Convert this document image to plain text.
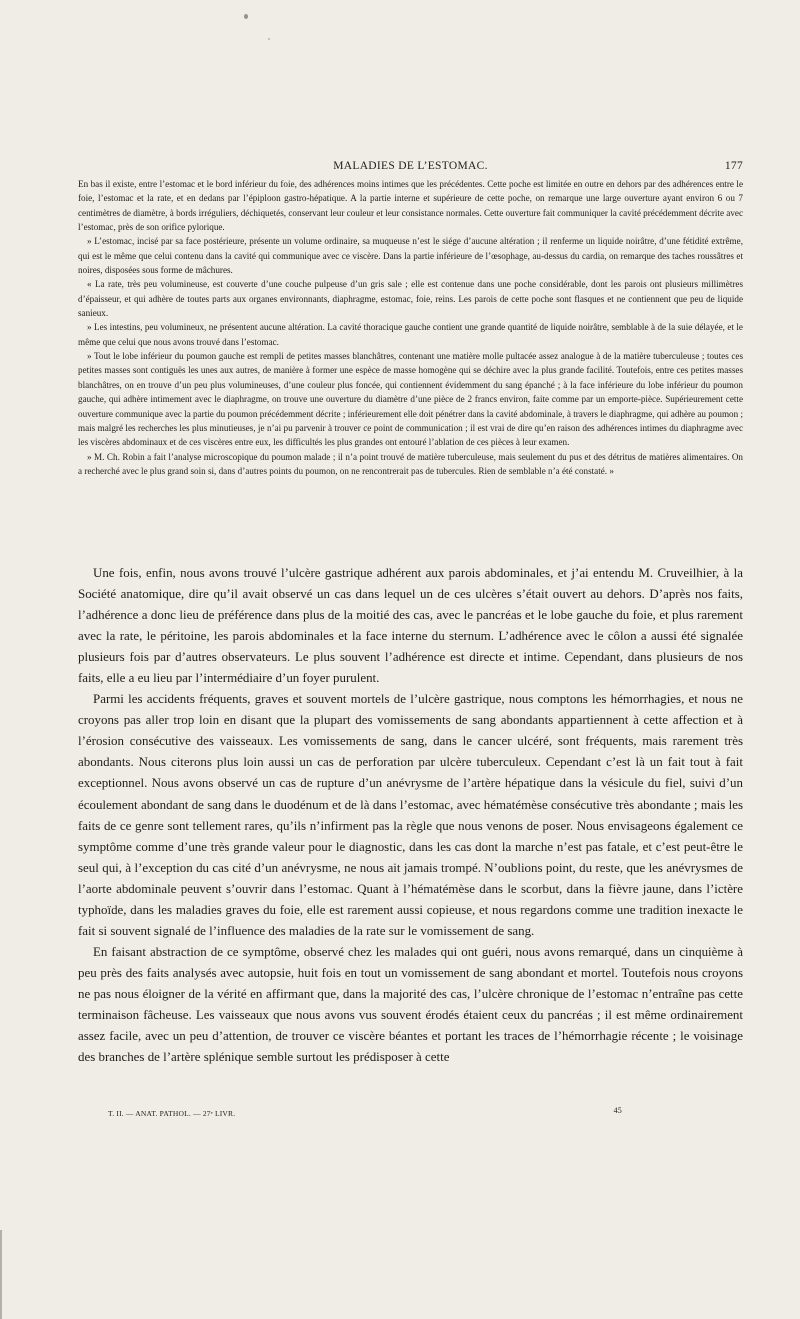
MALADIES DE L’ESTOMAC.	177

En bas il existe, entre l’estomac et le bord inférieur du foie, des adhérences moins intimes que les précédentes. Cette poche est limitée en outre en dehors par des adhérences entre le foie, l’estomac et la rate, et en dedans par l’épiploon gastro-hépatique. A la partie interne et supérieure de cette poche, on remarque une large ouverture ayant environ 6 ou 7 centimètres de diamètre, à bords irréguliers, déchiquetés, conservant leur couleur et leur consistance normales. Cette ouverture fait communiquer la cavité précédemment décrite avec l’estomac, près de son orifice pylorique.

» L’estomac, incisé par sa face postérieure, présente un volume ordinaire, sa muqueuse n’est le siége d’aucune altération ; il renferme un liquide noirâtre, d’une fétidité extrême, qui est le même que celui contenu dans la cavité qui communique avec ce viscère. Dans la partie inférieure de l’œsophage, au-dessus du cardia, on remarque des taches roussâtres et noires, disposées sous forme de mâchures.

« La rate, très peu volumineuse, est couverte d’une couche pulpeuse d’un gris sale ; elle est contenue dans une poche considérable, dont les parois ont plusieurs millimètres d’épaisseur, et qui adhère de toutes parts aux organes environnants, diaphragme, estomac, foie, reins. Les parois de cette poche sont flasques et ne contiennent que peu de liquide sanieux.

» Les intestins, peu volumineux, ne présentent aucune altération. La cavité thoracique gauche contient une grande quantité de liquide noirâtre, semblable à de la suie délayée, et le même que celui que nous avons trouvé dans l’estomac.

» Tout le lobe inférieur du poumon gauche est rempli de petites masses blanchâtres, contenant une matière molle pultacée assez analogue à de la matière tuberculeuse ; toutes ces petites masses sont contiguës les unes aux autres, de manière à former une espèce de masse homogène qui se déchire avec la plus grande facilité. Toutefois, entre ces petites masses blanchâtres, on en trouve d’un peu plus volumineuses, d’une couleur plus foncée, qui contiennent évidemment du sang épanché ; à la face inférieure du lobe inférieur du poumon gauche, qui adhère intimement avec le diaphragme, on trouve une ouverture du diamètre d’une pièce de 2 francs environ, faite comme par un emporte-pièce. Supérieurement cette ouverture communique avec la partie du poumon précédemment décrite ; inférieurement elle doit pénétrer dans la cavité abdominale, à travers le diaphragme, qui adhère au poumon ; mais malgré les recherches les plus minutieuses, je n’ai pu parvenir à trouver ce point de communication ; il est vrai de dire qu’en raison des adhérences intimes du diaphragme avec les viscères abdominaux et de ces viscères entre eux, les difficultés les plus grandes ont entouré l’ablation de ces pièces à leur examen.

» M. Ch. Robin a fait l’analyse microscopique du poumon malade ; il n’a point trouvé de matière tuberculeuse, mais seulement du pus et des détritus de matières alimentaires. On a recherché avec le plus grand soin si, dans d’autres points du poumon, on ne rencontrerait pas de tubercules. Rien de semblable n’a été constaté. »

Une fois, enfin, nous avons trouvé l’ulcère gastrique adhérent aux parois abdominales, et j’ai entendu M. Cruveilhier, à la Société anatomique, dire qu’il avait observé un cas dans lequel un de ces ulcères s’était ouvert au dehors. D’après nos faits, l’adhérence a donc lieu de préférence dans plus de la moitié des cas, avec le pancréas et le lobe gauche du foie, et plus rarement avec la rate, le péritoine, les parois abdominales et la face interne du sternum. L’adhérence avec le côlon a aussi été signalée plusieurs fois par d’autres observateurs. Le plus souvent l’adhérence est directe et intime. Cependant, dans plusieurs de nos faits, elle a eu lieu par l’intermédiaire d’un foyer purulent.

Parmi les accidents fréquents, graves et souvent mortels de l’ulcère gastrique, nous comptons les hémorrhagies, et nous ne croyons pas aller trop loin en disant que la plupart des vomissements de sang abondants appartiennent à cette affection et à l’érosion consécutive des vaisseaux. Les vomissements de sang, dans le cancer ulcéré, sont fréquents, mais rarement très abondants. Nous citerons plus loin aussi un cas de perforation par ulcère tuberculeux. Cependant c’est là un fait tout à fait exceptionnel. Nous avons observé un cas de rupture d’un anévrysme de l’artère hépatique dans la vésicule du fiel, suivi d’un écoulement abondant de sang dans le duodénum et de là dans l’estomac, avec hématémèse consécutive très abondante ; mais les faits de ce genre sont tellement rares, qu’ils n’infirment pas la règle que nous venons de poser. Nous envisageons également ce symptôme comme d’une très grande valeur pour le diagnostic, dans les cas dont la marche n’est pas fatale, et c’est peut-être le seul qui, à l’exception du cas cité d’un anévrysme, ne nous ait jamais trompé. N’oublions point, du reste, que les anévrysmes de l’aorte abdominale peuvent s’ouvrir dans l’estomac. Quant à l’hématémèse dans le scorbut, dans la fièvre jaune, dans l’ictère typhoïde, dans les maladies graves du foie, elle est rarement aussi copieuse, et nous regardons comme une tradition inexacte le fait si souvent signalé de l’influence des maladies de la rate sur le vomissement de sang.

En faisant abstraction de ce symptôme, observé chez les malades qui ont guéri, nous avons remarqué, dans un cinquième à peu près des faits analysés avec autopsie, huit fois en tout un vomissement de sang abondant et mortel. Toutefois nous croyons ne pas nous éloigner de la vérité en affirmant que, dans la majorité des cas, l’ulcère chronique de l’estomac n’entraîne pas cette terminaison fâcheuse. Les vaisseaux que nous avons vus souvent érodés étaient ceux du pancréas ; il est même ordinairement assez facile, avec un peu d’attention, de trouver ce viscère béantes et portant les traces de l’hémorrhagie récente ; le voisinage des branches de l’artère splénique semble surtout les prédisposer à cette

T. II. — ANAT. PATHOL. — 27ᵉ LIVR.	45
